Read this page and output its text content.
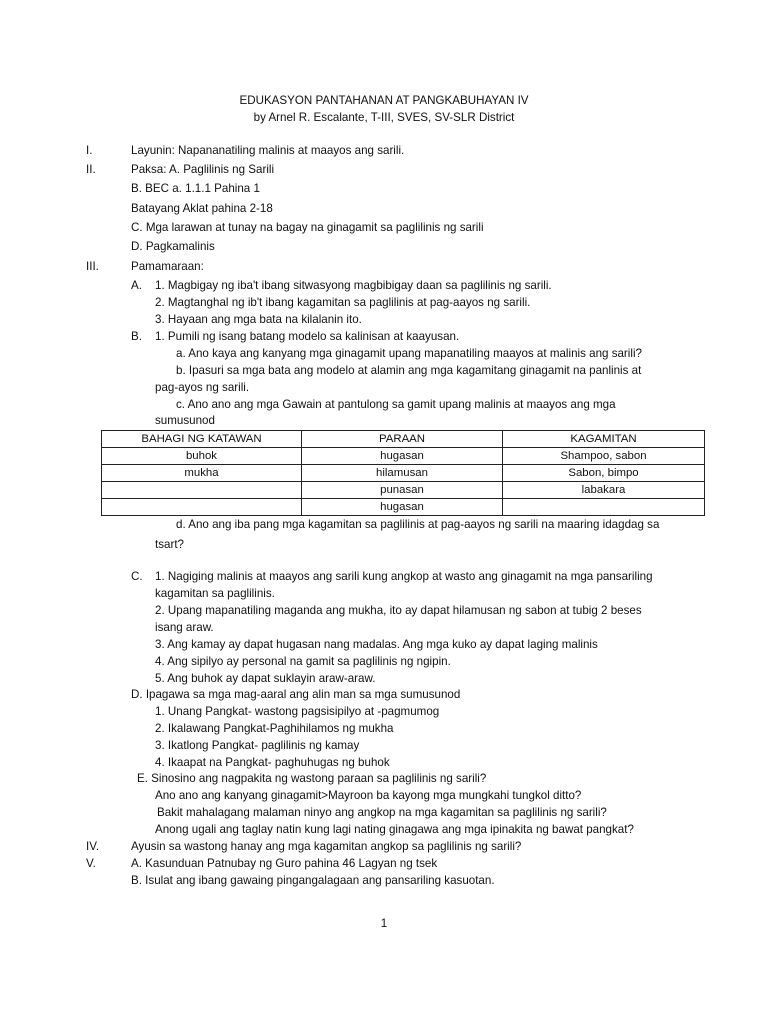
EDUKASYON PANTAHANAN AT PANGKABUHAYAN IV
by Arnel R. Escalante, T-III, SVES, SV-SLR District
I.	Layunin: Napananatiling malinis at maayos ang sarili.
II.	Paksa: A. Paglilinis ng Sarili
B. BEC a. 1.1.1 Pahina 1
Batayang Aklat pahina 2-18
C. Mga larawan at tunay na bagay na ginagamit sa paglilinis ng sarili
D. Pagkamalinis
III.	Pamamaraan:
A. 1. Magbigay ng iba't ibang sitwasyong magbibigay daan sa paglilinis ng sarili.
2. Magtanghal ng ib't ibang kagamitan sa paglilinis at pag-aayos ng sarili.
3. Hayaan ang mga bata na kilalanin ito.
B. 1. Pumili ng isang batang modelo sa kalinisan at kaayusan.
a. Ano kaya ang kanyang mga ginagamit upang mapanatiling maayos at malinis ang sarili?
b. Ipasuri sa mga bata ang modelo at alamin ang mga kagamitang ginagamit na panlinis at
pag-ayos ng sarili.
c. Ano ano ang mga Gawain at pantulong sa gamit upang malinis at maayos ang mga
sumusunod
BAHAGI NG KATAWAN	PARAAN	KAGAMITAN
buhok	hugasan	Shampoo, sabon
mukha	hilamusan	Sabon, bimpo
	punasan	labakara
	hugasan	
d. Ano ang iba pang mga kagamitan sa paglilinis at pag-aayos ng sarili na maaring idagdag sa
tsart?
C. 1. Nagiging malinis at maayos ang sarili kung angkop at wasto ang ginagamit na mga pansariling
kagamitan sa paglilinis.
2. Upang mapanatiling maganda ang mukha, ito ay dapat hilamusan ng sabon at tubig 2 beses
isang araw.
3. Ang kamay ay dapat hugasan nang madalas. Ang mga kuko ay dapat laging malinis
4. Ang sipilyo ay personal na gamit sa paglilinis ng ngipin.
5. Ang buhok ay dapat suklayin araw-araw.
D. Ipagawa sa mga mag-aaral ang alin man sa mga sumusunod
1. Unang Pangkat- wastong pagsisipilyo at -pagmumog
2. Ikalawang Pangkat-Paghihilamos ng mukha
3. Ikatlong Pangkat- paglilinis ng kamay
4. Ikaapat na Pangkat- paghuhugas ng buhok
E. Sinosino ang nagpakita ng wastong paraan sa paglilinis ng sarili?
Ano ano ang kanyang ginagamit>Mayroon ba kayong mga mungkahi tungkol ditto?
Bakit mahalagang malaman ninyo ang angkop na mga kagamitan sa paglilinis ng sarili?
Anong ugali ang taglay natin kung lagi nating ginagawa ang mga ipinakita ng bawat pangkat?
IV.	Ayusin sa wastong hanay ang mga kagamitan angkop sa paglilinis ng sarili?
V.	A. Kasunduan Patnubay ng Guro pahina 46 Lagyan ng tsek
B. Isulat ang ibang gawaing pingangalagaan ang pansariling kasuotan.
1
